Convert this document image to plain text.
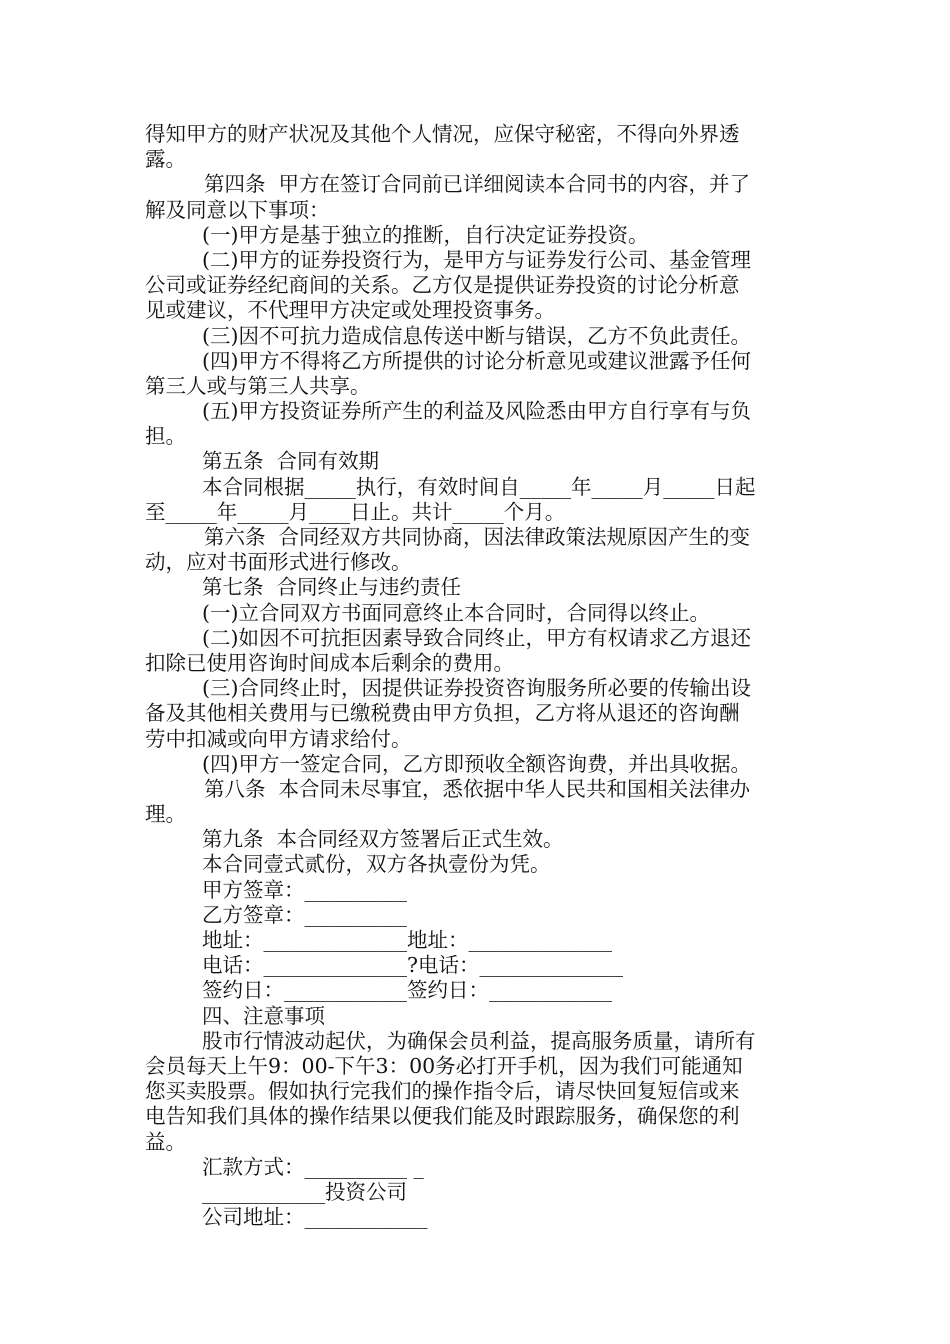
得知甲方的财产状况及其他个人情况，应保守秘密，不得向外界透
露。
第四条  甲方在签订合同前已详细阅读本合同书的内容，并了
解及同意以下事项：
(一)甲方是基于独立的推断，自行决定证券投资。
(二)甲方的证券投资行为，是甲方与证券发行公司、基金管理
公司或证券经纪商间的关系。乙方仅是提供证券投资的讨论分析意
见或建议，不代理甲方决定或处理投资事务。
(三)因不可抗力造成信息传送中断与错误，乙方不负此责任。
(四)甲方不得将乙方所提供的讨论分析意见或建议泄露予任何
第三人或与第三人共享。
(五)甲方投资证券所产生的利益及风险悉由甲方自行享有与负
担。
第五条  合同有效期
本合同根据_____执行，有效时间自_____年_____月_____日起
至_____年_____月____日止。共计_____个月。
第六条  合同经双方共同协商，因法律政策法规原因产生的变
动，应对书面形式进行修改。
第七条  合同终止与违约责任
(一)立合同双方书面同意终止本合同时，合同得以终止。
(二)如因不可抗拒因素导致合同终止，甲方有权请求乙方退还
扣除已使用咨询时间成本后剩余的费用。
(三)合同终止时，因提供证券投资咨询服务所必要的传输出设
备及其他相关费用与已缴税费由甲方负担，乙方将从退还的咨询酬
劳中扣减或向甲方请求给付。
(四)甲方一签定合同，乙方即预收全额咨询费，并出具收据。
第八条  本合同未尽事宜，悉依据中华人民共和国相关法律办
理。
第九条  本合同经双方签署后正式生效。
本合同壹式贰份，双方各执壹份为凭。
甲方签章：__________
乙方签章：__________
地址：______________地址：______________
电话：______________?电话：______________
签约日：____________签约日：____________
四、注意事项
股市行情波动起伏，为确保会员利益，提高服务质量，请所有
会员每天上午9：00-下午3：00务必打开手机，因为我们可能通知
您买卖股票。假如执行完我们的操作指令后，请尽快回复短信或来
电告知我们具体的操作结果以便我们能及时跟踪服务，确保您的利
益。
汇款方式：__________ _
____________投资公司
公司地址：____________
